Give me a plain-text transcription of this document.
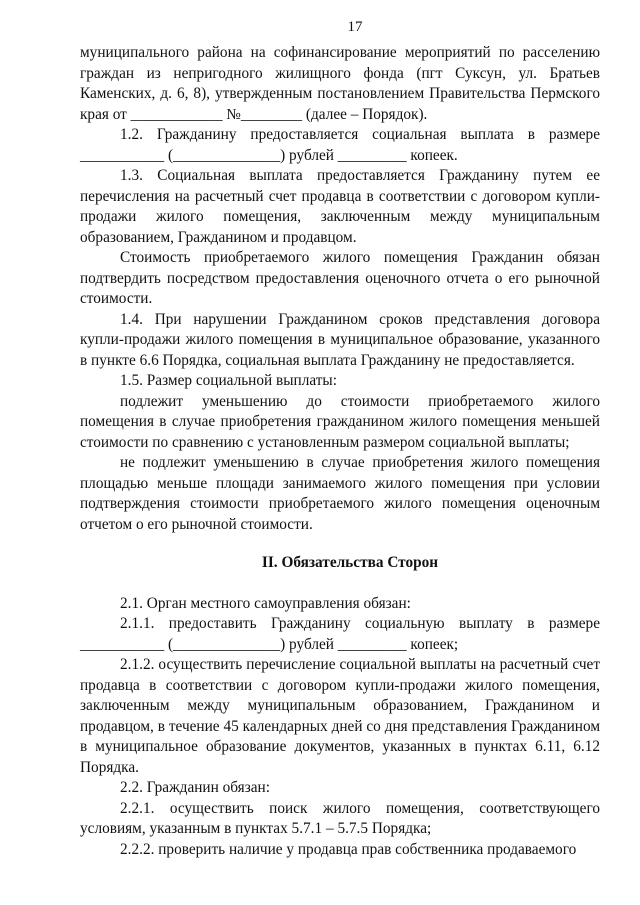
17

муниципального района на софинансирование мероприятий по расселению граждан из непригодного жилищного фонда (пгт Суксун, ул. Братьев Каменских, д. 6, 8), утвержденным постановлением Правительства Пермского края от ____________ №________ (далее – Порядок).

1.2. Гражданину предоставляется социальная выплата в размере ___________ (______________) рублей _________ копеек.

1.3. Социальная выплата предоставляется Гражданину путем ее перечисления на расчетный счет продавца в соответствии с договором купли-продажи жилого помещения, заключенным между муниципальным образованием, Гражданином и продавцом.

Стоимость приобретаемого жилого помещения Гражданин обязан подтвердить посредством предоставления оценочного отчета о его рыночной стоимости.

1.4. При нарушении Гражданином сроков представления договора купли-продажи жилого помещения в муниципальное образование, указанного в пункте 6.6 Порядка, социальная выплата Гражданину не предоставляется.

1.5. Размер социальной выплаты:

подлежит уменьшению до стоимости приобретаемого жилого помещения в случае приобретения гражданином жилого помещения меньшей стоимости по сравнению с установленным размером социальной выплаты;

не подлежит уменьшению в случае приобретения жилого помещения площадью меньше площади занимаемого жилого помещения при условии подтверждения стоимости приобретаемого жилого помещения оценочным отчетом о его рыночной стоимости.

II. Обязательства Сторон

2.1. Орган местного самоуправления обязан:

2.1.1. предоставить Гражданину социальную выплату в размере ___________ (______________) рублей _________ копеек;

2.1.2. осуществить перечисление социальной выплаты на расчетный счет продавца в соответствии с договором купли-продажи жилого помещения, заключенным между муниципальным образованием, Гражданином и продавцом, в течение 45 календарных дней со дня представления Гражданином в муниципальное образование документов, указанных в пунктах 6.11, 6.12 Порядка.

2.2. Гражданин обязан:

2.2.1. осуществить поиск жилого помещения, соответствующего условиям, указанным в пунктах 5.7.1 – 5.7.5 Порядка;

2.2.2. проверить наличие у продавца прав собственника продаваемого
